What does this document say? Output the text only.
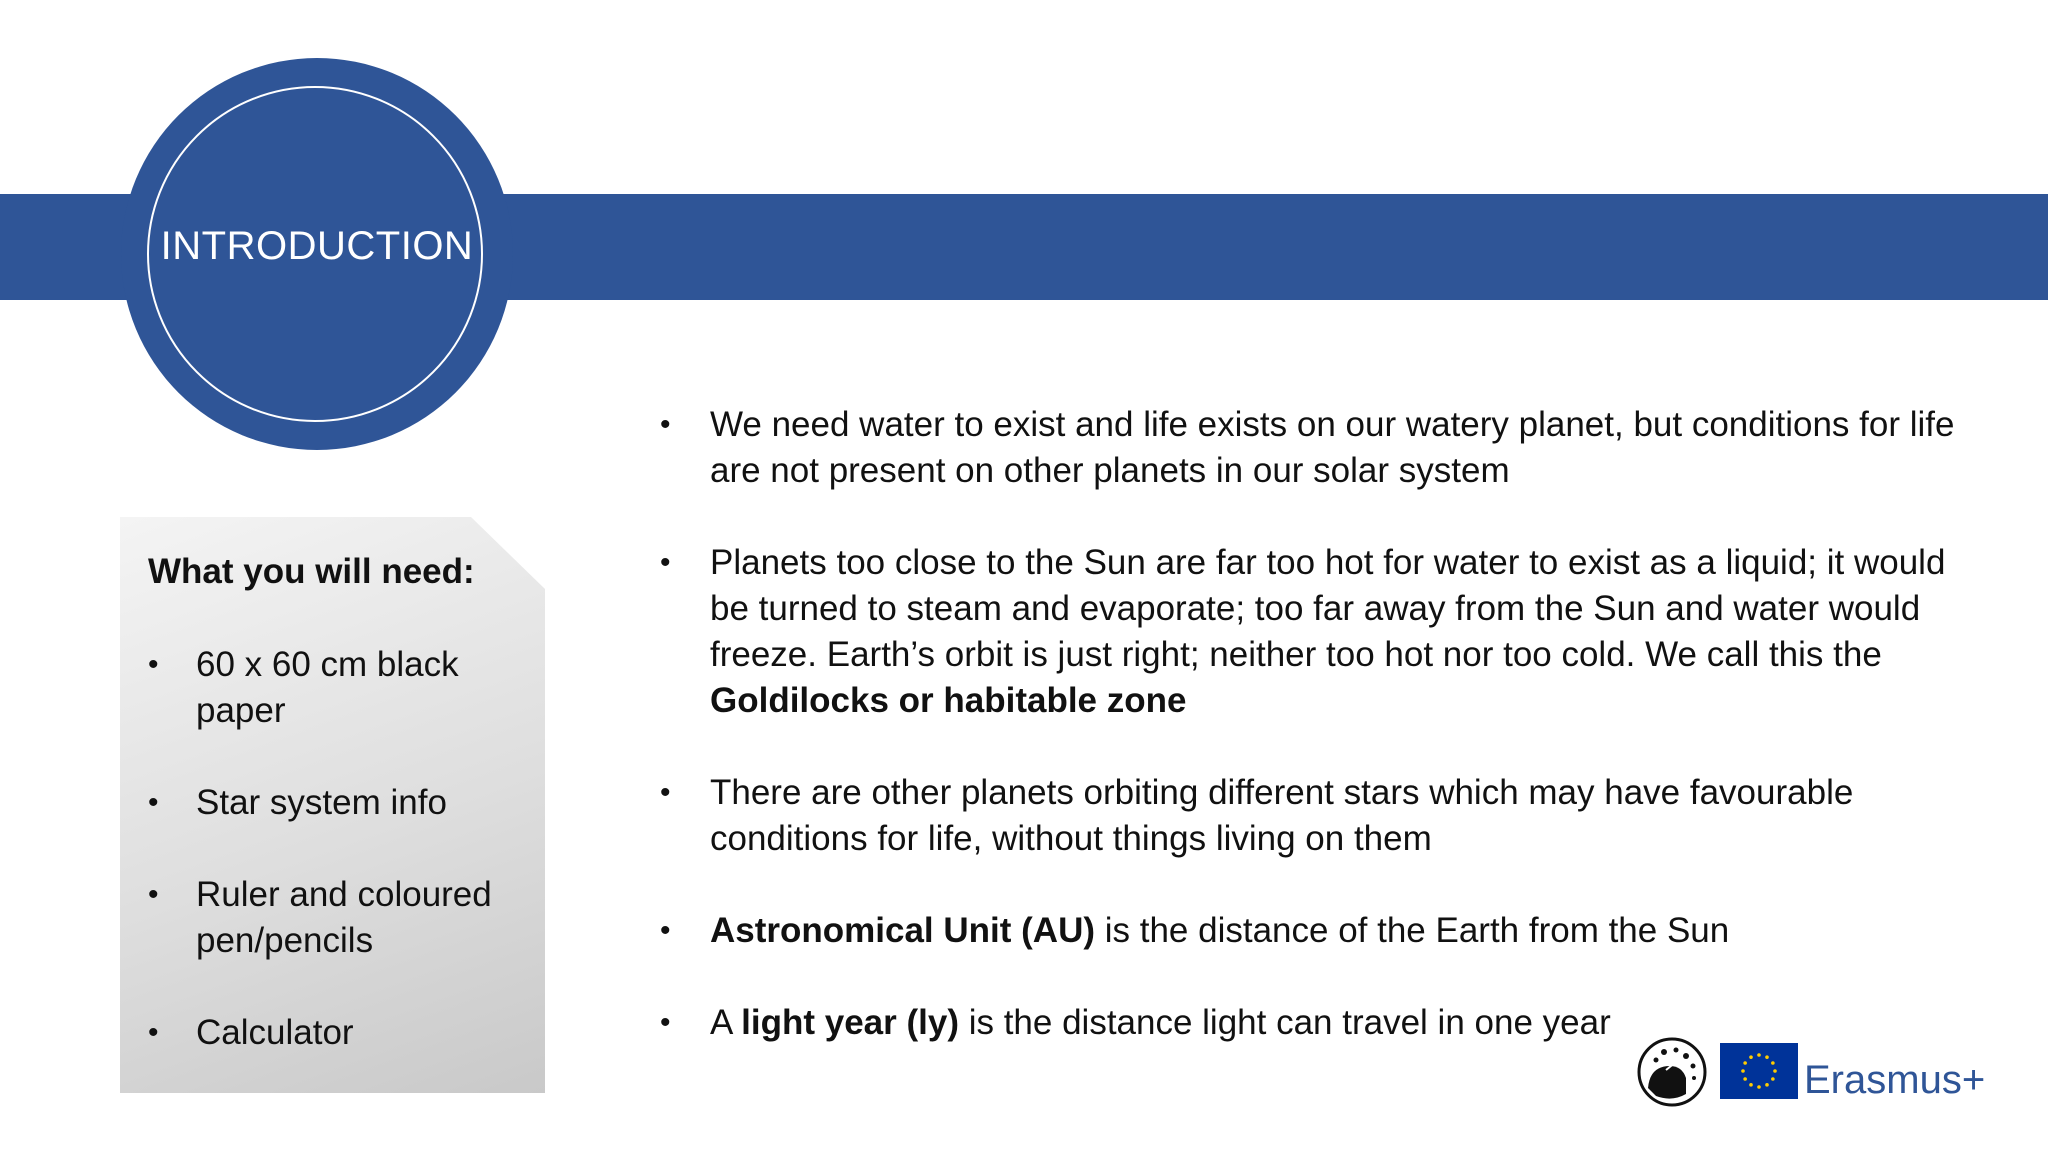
INTRODUCTION
What you will need:
• 60 x 60 cm black paper
• Star system info
• Ruler and coloured pen/pencils
• Calculator
• We need water to exist and life exists on our watery planet, but conditions for life are not present on other planets in our solar system
• Planets too close to the Sun are far too hot for water to exist as a liquid; it would be turned to steam and evaporate; too far away from the Sun and water would freeze. Earth’s orbit is just right; neither too hot nor too cold. We call this the Goldilocks or habitable zone
• There are other planets orbiting different stars which may have favourable conditions for life, without things living on them
• Astronomical Unit (AU) is the distance of the Earth from the Sun
• A light year (ly) is the distance light can travel in one year
Erasmus+
